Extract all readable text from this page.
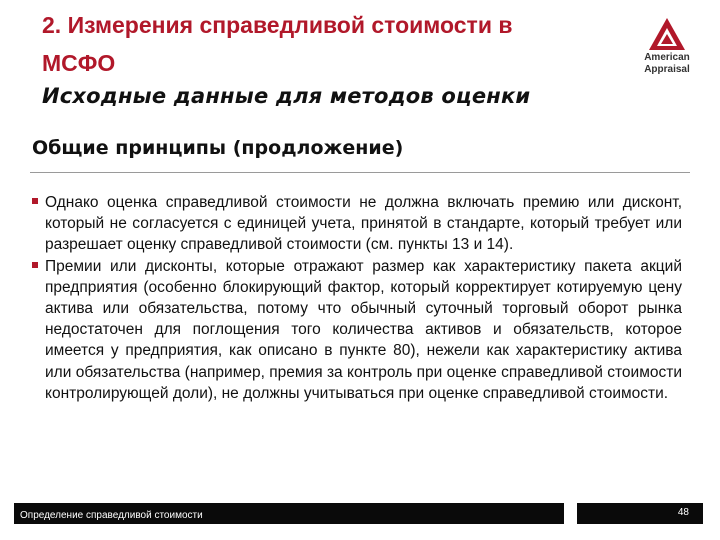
2. Измерения справедливой стоимости в
МСФО	American
Appraisal
Исходные данные для методов оценки
Общие принципы (продложение)
Однако оценка справедливой стоимости не должна включать премию или дисконт, который не согласуется с единицей учета, принятой в стандарте, который требует или разрешает оценку справедливой стоимости (см. пункты 13 и 14).
Премии или дисконты, которые отражают размер как характеристику пакета акций предприятия (особенно блокирующий фактор, который корректирует котируемую цену актива или обязательства, потому что обычный суточный торговый оборот рынка недостаточен для поглощения того количества активов и обязательств, которое имеется у предприятия, как описано в пункте 80), нежели как характеристику актива или обязательства (например, премия за контроль при оценке справедливой стоимости контролирующей доли), не должны учитываться при оценке справедливой стоимости.
Определение справедливой стоимости	48
